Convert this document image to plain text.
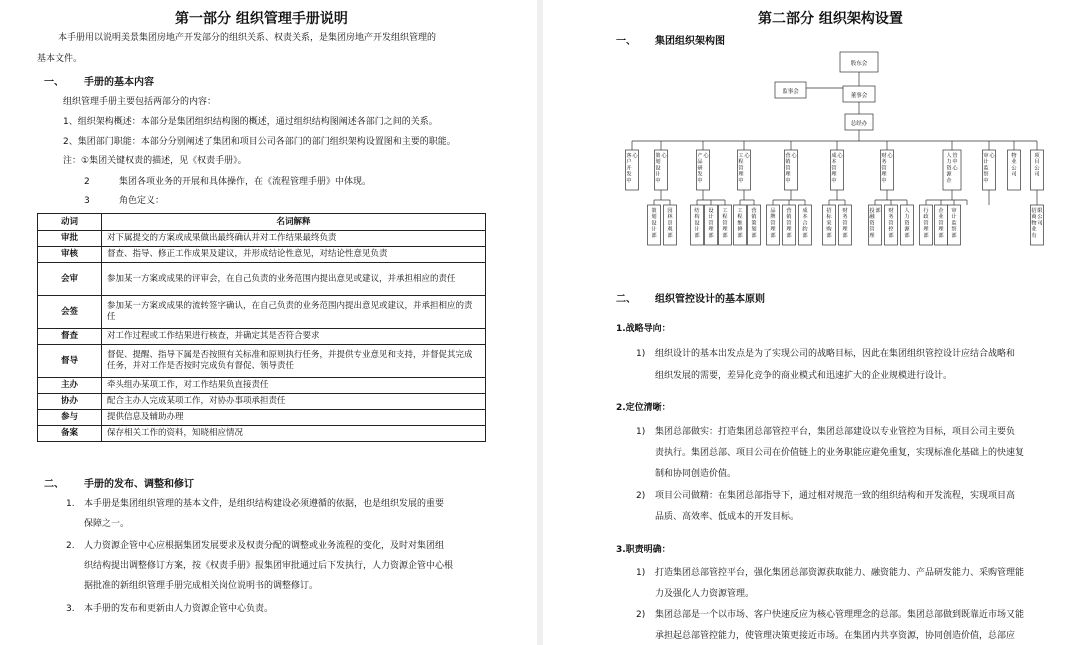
第一部分 组织管理手册说明
本手册用以说明美景集团房地产开发部分的组织关系、权责关系，是集团房地产开发组织管理的
基本文件。
一、 手册的基本内容
组织管理手册主要包括两部分的内容：
1、组织架构概述：本部分是集团组织结构图的概述，通过组织结构图阐述各部门之间的关系。
2、集团部门职能：本部分分别阐述了集团和项目公司各部门的部门组织架构设置图和主要的职能。
注：①集团关键权责的描述，见《权责手册》。
2	集团各项业务的开展和具体操作，在《流程管理手册》中体现。
3	角色定义：
动词	名词解释
审批	对下属提交的方案或成果做出最终确认并对工作结果最终负责
审核	督查、指导、修正工作成果及建议，并形成结论性意见，对结论性意见负责
会审	参加某一方案或成果的评审会，在自己负责的业务范围内提出意见或建议，并承担相应的责任
会签	参加某一方案或成果的流转签字确认，在自己负责的业务范围内提出意见或建议，并承担相应的责任
督查	对工作过程或工作结果进行核查，并确定其是否符合要求
督导	督促、提醒、指导下属是否按照有关标准和原则执行任务，并提供专业意见和支持，并督促其完成任务，并对工作是否按时完成负有督促、领导责任
主办	牵头组办某项工作，对工作结果负直接责任
协办	配合主办人完成某项工作，对协办事项承担责任
参与	提供信息及辅助办理
备案	保存相关工作的资料，知晓相应情况
二、 手册的发布、调整和修订
1. 本手册是集团组织管理的基本文件，是组织结构建设必须遵循的依据，也是组织发展的重要
保障之一。
2. 人力资源企管中心应根据集团发展要求及权责分配的调整或业务流程的变化，及时对集团组
织结构提出调整修订方案，按《权责手册》报集团审批通过后下发执行，人力资源企管中心根
据批准的新组织管理手册完成相关岗位说明书的调整修订。
3. 本手册的发布和更新由人力资源企管中心负责。
第二部分 组织架构设置
一、 集团组织架构图
股东会
监事会
董事会
总经办
客户开发中心	策划设计中心	产品研发中心	工程管理中心	营销管理中心	成本管理中心	财务管理中心	人力资源企管中心
审计监察中心	物业公司
项目公司
策划设计部
园林景观部
结构设计部
设计管理部
工程管理部
工程维修部
营销策划部
品牌管理部
营销管理部
成本合约部
招标采购部
财务管理部
投融资管理部 财务管控部
人力资源部
行政管理部
企业管理部
审计监察部
招商物业有限公司
二、 组织管控设计的基本原则
1.战略导向：
1) 组织设计的基本出发点是为了实现公司的战略目标，因此在集团组织管控设计应结合战略和
组织发展的需要，差异化竞争的商业模式和迅速扩大的企业规模进行设计。
2.定位清晰：
1) 集团总部做实：打造集团总部管控平台，集团总部建设以专业管控为目标，项目公司主要负
责执行。集团总部、项目公司在价值链上的业务职能应避免重复，实现标准化基础上的快速复
制和协同创造价值。
2) 项目公司做精：在集团总部指导下，通过相对规范一致的组织结构和开发流程，实现项目高
品质、高效率、低成本的开发目标。
3.职责明确：
1) 打造集团总部管控平台，强化集团总部资源获取能力、融资能力、产品研发能力、采购管理能
力及强化人力资源管理。
2) 集团总部是一个以市场、客户快速反应为核心管理理念的总部。集团总部做到既靠近市场又能
承担起总部管控能力，使管理决策更接近市场。在集团内共享资源，协同创造价值，总部应
